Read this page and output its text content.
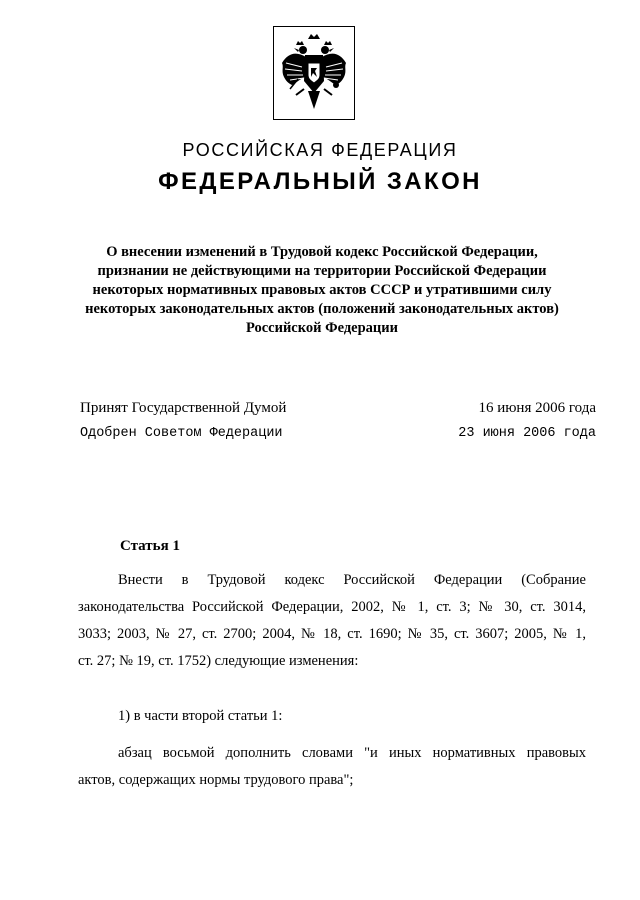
РОССИЙСКАЯ ФЕДЕРАЦИЯ
ФЕДЕРАЛЬНЫЙ ЗАКОН
О внесении изменений в Трудовой кодекс Российской Федерации,
признании не действующими на территории Российской Федерации
некоторых нормативных правовых актов СССР и утратившими силу
некоторых законодательных актов (положений законодательных актов)
Российской Федерации
Принят Государственной Думой	16 июня 2006 года
Одобрен Советом Федерации	23 июня 2006 года
Статья 1
Внести в Трудовой кодекс Российской Федерации (Собрание
законодательства Российской Федерации, 2002, № 1, ст. 3; № 30, ст. 3014,
3033; 2003, № 27, ст. 2700; 2004, № 18, ст. 1690; № 35, ст. 3607; 2005, № 1,
ст. 27; № 19, ст. 1752) следующие изменения:
1) в части второй статьи 1:
абзац восьмой дополнить словами "и иных нормативных правовых
актов, содержащих нормы трудового права";
